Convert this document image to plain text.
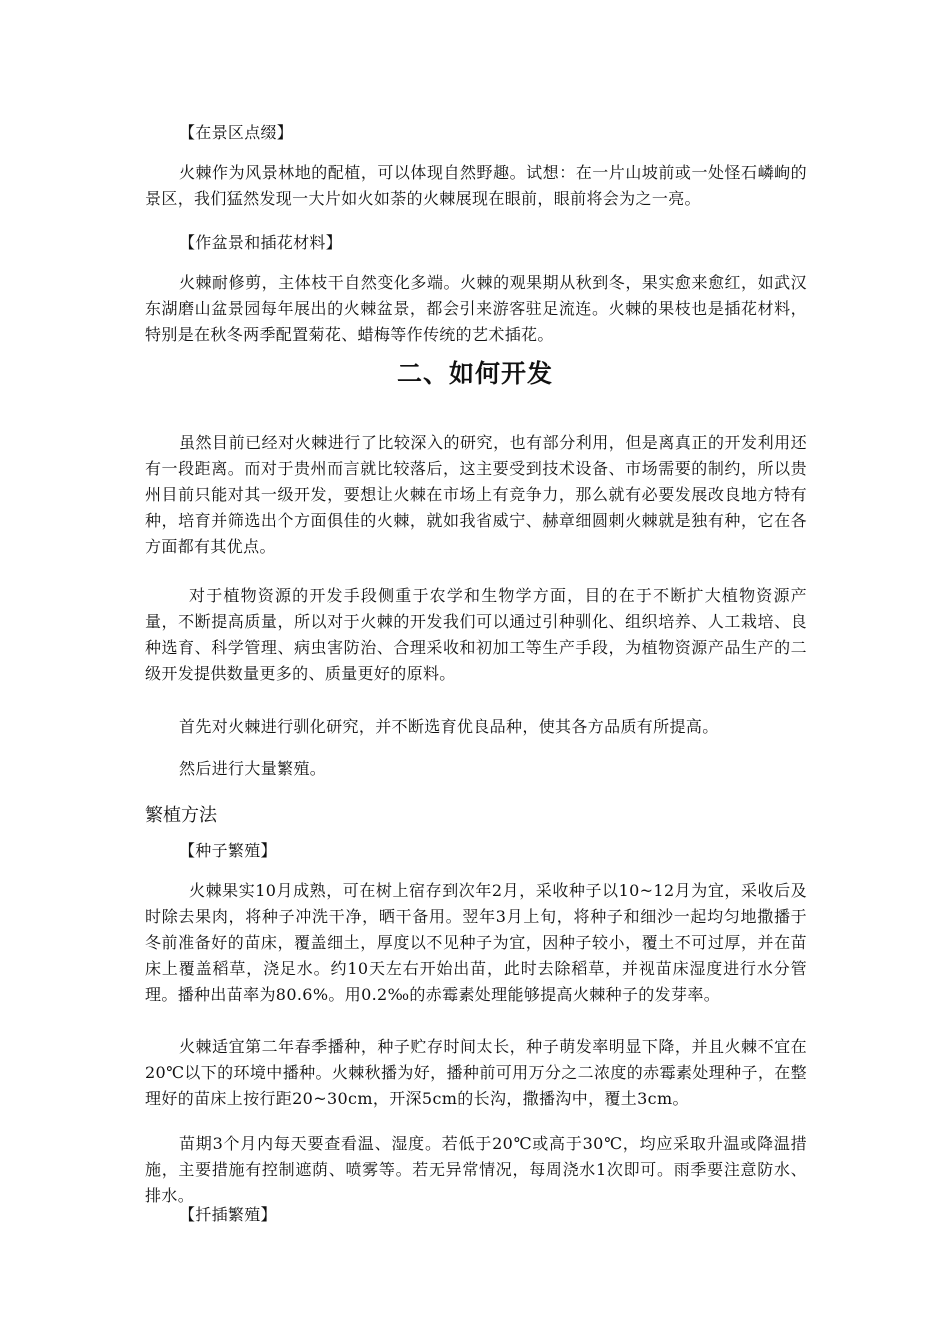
【在景区点缀】

火棘作为风景林地的配植，可以体现自然野趣。试想：在一片山坡前或一处怪石嶙峋的景区，我们猛然发现一大片如火如荼的火棘展现在眼前，眼前将会为之一亮。

【作盆景和插花材料】

火棘耐修剪，主体枝干自然变化多端。火棘的观果期从秋到冬，果实愈来愈红，如武汉东湖磨山盆景园每年展出的火棘盆景，都会引来游客驻足流连。火棘的果枝也是插花材料，特别是在秋冬两季配置菊花、蜡梅等作传统的艺术插花。

二、如何开发

虽然目前已经对火棘进行了比较深入的研究，也有部分利用，但是离真正的开发利用还有一段距离。而对于贵州而言就比较落后，这主要受到技术设备、市场需要的制约，所以贵州目前只能对其一级开发，要想让火棘在市场上有竞争力，那么就有必要发展改良地方特有种，培育并筛选出个方面俱佳的火棘，就如我省威宁、赫章细圆刺火棘就是独有种，它在各方面都有其优点。

对于植物资源的开发手段侧重于农学和生物学方面，目的在于不断扩大植物资源产量，不断提高质量，所以对于火棘的开发我们可以通过引种驯化、组织培养、人工栽培、良种选育、科学管理、病虫害防治、合理采收和初加工等生产手段，为植物资源产品生产的二级开发提供数量更多的、质量更好的原料。

首先对火棘进行驯化研究，并不断选育优良品种，使其各方品质有所提高。

然后进行大量繁殖。

繁植方法

【种子繁殖】

火棘果实10月成熟，可在树上宿存到次年2月，采收种子以10~12月为宜，采收后及时除去果肉，将种子冲洗干净，晒干备用。翌年3月上旬，将种子和细沙一起均匀地撒播于冬前准备好的苗床，覆盖细土，厚度以不见种子为宜，因种子较小，覆土不可过厚，并在苗床上覆盖稻草，浇足水。约10天左右开始出苗，此时去除稻草，并视苗床湿度进行水分管理。播种出苗率为80.6%。用0.2‰的赤霉素处理能够提高火棘种子的发芽率。

火棘适宜第二年春季播种，种子贮存时间太长，种子萌发率明显下降，并且火棘不宜在20℃以下的环境中播种。火棘秋播为好，播种前可用万分之二浓度的赤霉素处理种子，在整理好的苗床上按行距20~30cm，开深5cm的长沟，撒播沟中，覆土3cm。

苗期3个月内每天要查看温、湿度。若低于20℃或高于30℃，均应采取升温或降温措施，主要措施有控制遮荫、喷雾等。若无异常情况，每周浇水1次即可。雨季要注意防水、排水。

【扦插繁殖】
